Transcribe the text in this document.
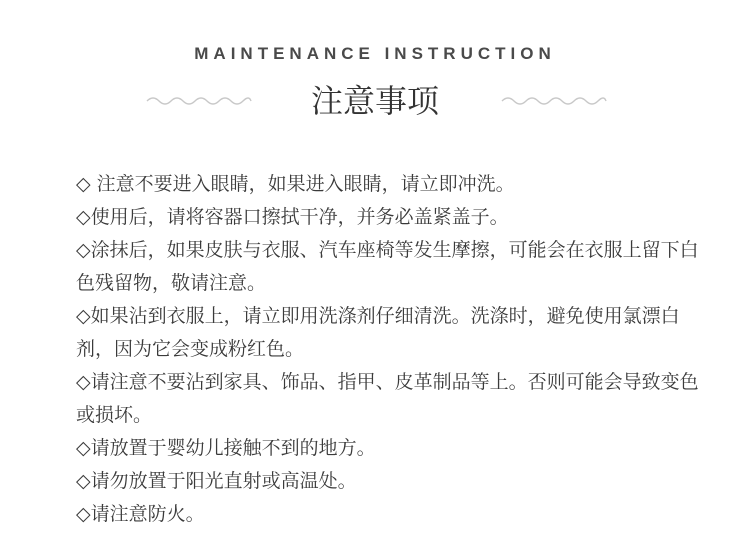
MAINTENANCE INSTRUCTION
注意事项
◇ 注意不要进入眼睛，如果进入眼睛，请立即冲洗。
◇使用后，请将容器口擦拭干净，并务必盖紧盖子。
◇涂抹后，如果皮肤与衣服、汽车座椅等发生摩擦，可能会在衣服上留下白色残留物，敬请注意。
◇如果沾到衣服上，请立即用洗涤剂仔细清洗。洗涤时，避免使用氯漂白剂，因为它会变成粉红色。
◇请注意不要沾到家具、饰品、指甲、皮革制品等上。否则可能会导致变色或损坏。
◇请放置于婴幼儿接触不到的地方。
◇请勿放置于阳光直射或高温处。
◇请注意防火。
